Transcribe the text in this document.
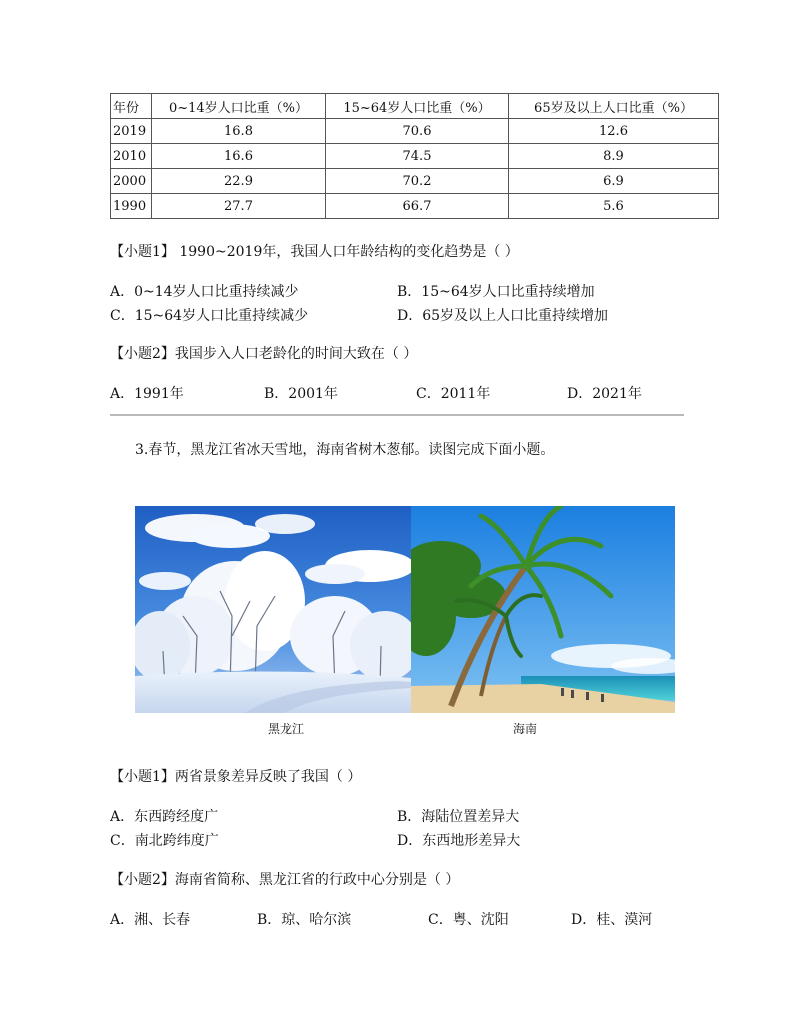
年份	0~14岁人口比重（%）	15~64岁人口比重（%）	65岁及以上人口比重（%）
2019	16.8	70.6	12.6
2010	16.6	74.5	8.9
2000	22.9	70.2	6.9
1990	27.7	66.7	5.6
【小题1】 1990~2019年，我国人口年龄结构的变化趋势是（ ）
A．0~14岁人口比重持续减少	B．15~64岁人口比重持续增加
C．15~64岁人口比重持续减少	D．65岁及以上人口比重持续增加
【小题2】我国步入人口老龄化的时间大致在（ ）
A．1991年	B．2001年	C．2011年	D．2021年
3.春节，黑龙江省冰天雪地，海南省树木葱郁。读图完成下面小题。
黑龙江	海南
【小题1】两省景象差异反映了我国（ ）
A．东西跨经度广	B．海陆位置差异大
C．南北跨纬度广	D．东西地形差异大
【小题2】海南省简称、黑龙江省的行政中心分别是（ ）
A．湘、长春	B．琼、哈尔滨	C．粤、沈阳	D．桂、漠河
